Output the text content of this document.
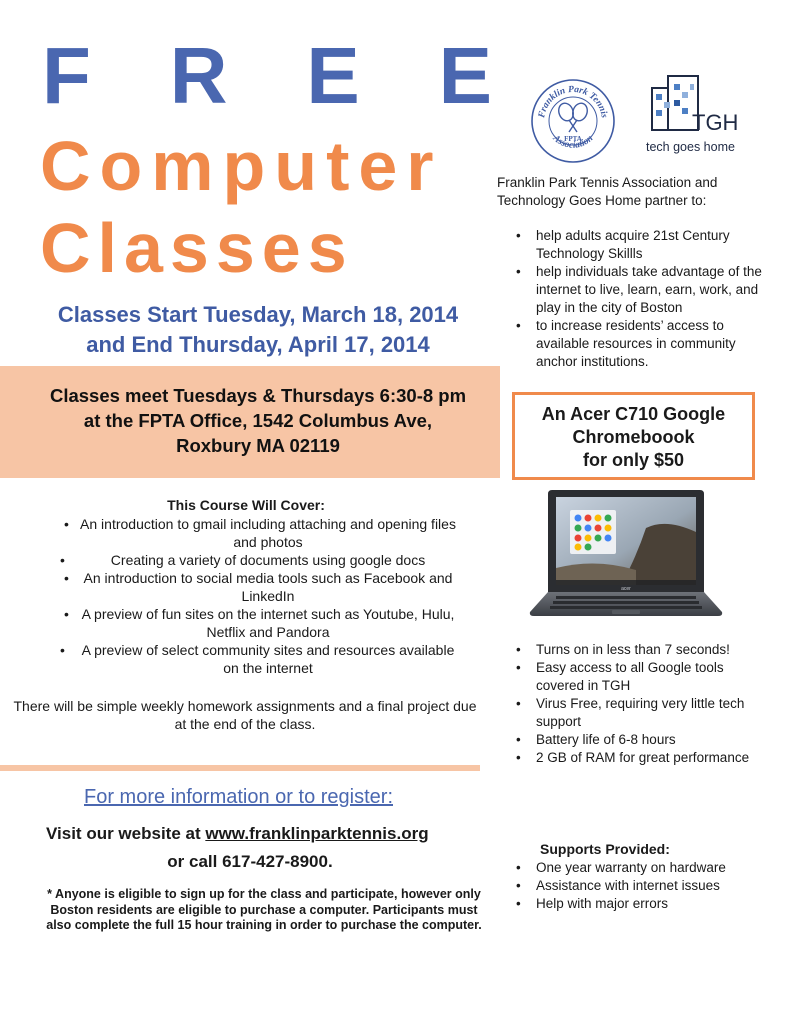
F R E E
Computer
Classes
Classes Start Tuesday, March 18, 2014
and End Thursday, April 17, 2014
Classes meet Tuesdays & Thursdays 6:30-8 pm
at the FPTA Office, 1542 Columbus Ave,
Roxbury MA 02119
This Course Will Cover:
• An introduction to gmail including attaching and opening files and photos
• Creating a variety of documents using google docs
• An introduction to social media tools such as Facebook and LinkedIn
• A preview of fun sites on the internet such as Youtube, Hulu, Netflix and Pandora
• A preview of select community sites and resources available on the internet
There will be simple weekly homework assignments and a final project due at the end of the class.
For more information or to register:
Visit our website at www.franklinparktennis.org
or call 617-427-8900.
* Anyone is eligible to sign up for the class and participate, however only Boston residents are eligible to purchase a computer. Participants must also complete the full 15 hour training in order to purchase the computer.
Franklin Park Tennis
Association
FPTA
TGH
tech goes home
Franklin Park Tennis Association and Technology Goes Home partner to:
• help adults acquire 21st Century Technology Skillls
• help individuals take advantage of the internet to live, learn, earn, work, and play in the city of Boston
• to increase residents’ access to available resources in community anchor institutions.
An Acer C710 Google
Chromeboook
for only $50
acer
• Turns on in less than 7 seconds!
• Easy access to all Google tools covered in TGH
• Virus Free, requiring very little tech support
• Battery life of 6-8 hours
• 2 GB of RAM for great performance
Supports Provided:
• One year warranty on hardware
• Assistance with internet issues
• Help with major errors
